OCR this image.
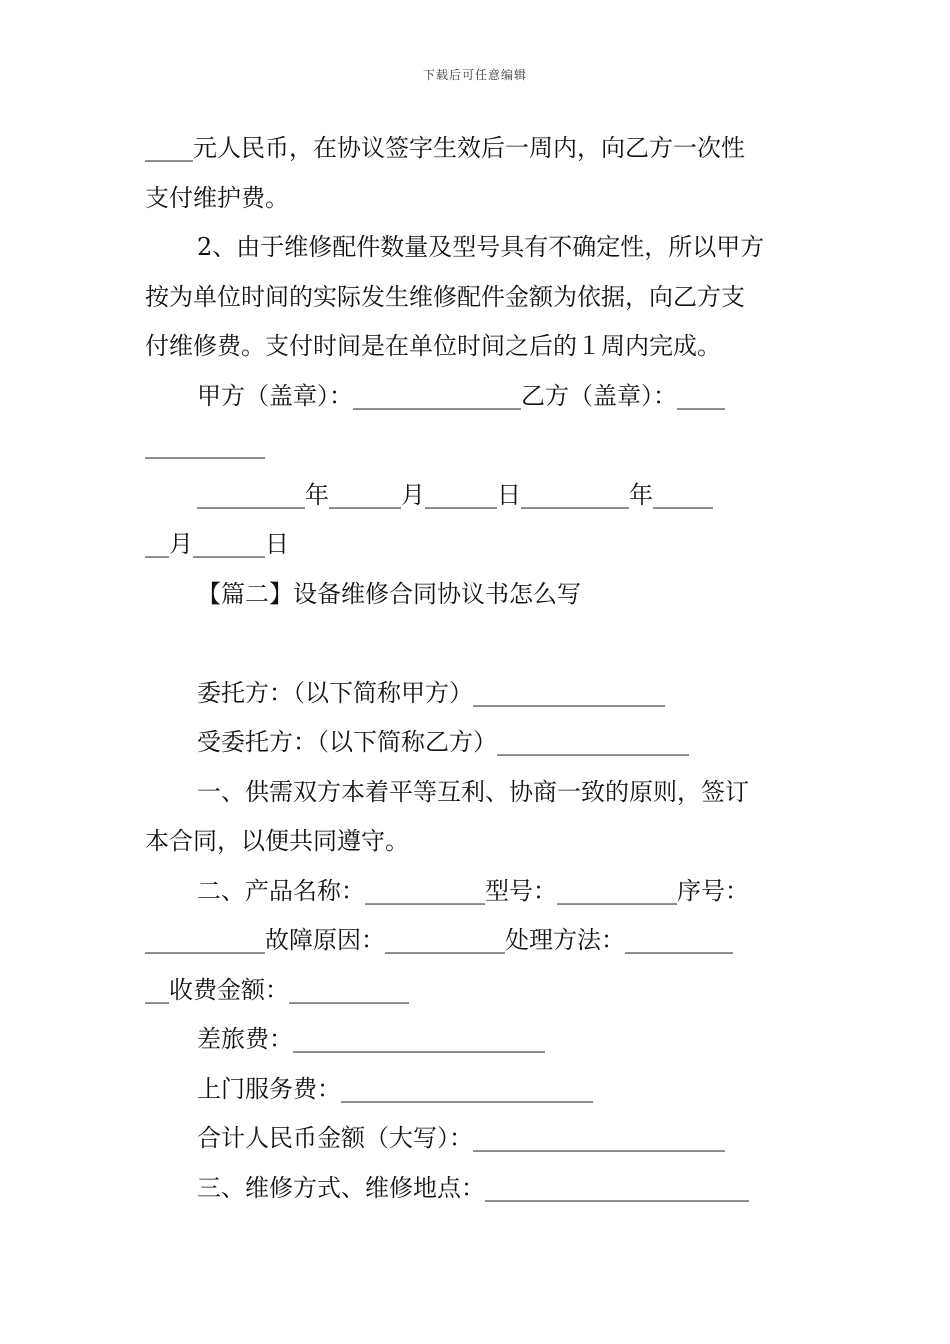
下载后可任意编辑
____元人民币，在协议签字生效后一周内，向乙方一次性
支付维护费。
2、由于维修配件数量及型号具有不确定性，所以甲方
按为单位时间的实际发生维修配件金额为依据，向乙方支
付维修费。支付时间是在单位时间之后的１周内完成。
甲方（盖章）：______________乙方（盖章）：____
__________
_________年______月______日_________年_____
__月______日
【篇二】设备维修合同协议书怎么写
委托方：（以下简称甲方）________________
受委托方：（以下简称乙方）________________
一、供需双方本着平等互利、协商一致的原则，签订
本合同，以便共同遵守。
二、产品名称：__________型号：__________序号：
__________故障原因：__________处理方法：_________
__收费金额：__________
差旅费：_____________________
上门服务费：_____________________
合计人民币金额（大写）：_____________________
三、维修方式、维修地点：______________________
